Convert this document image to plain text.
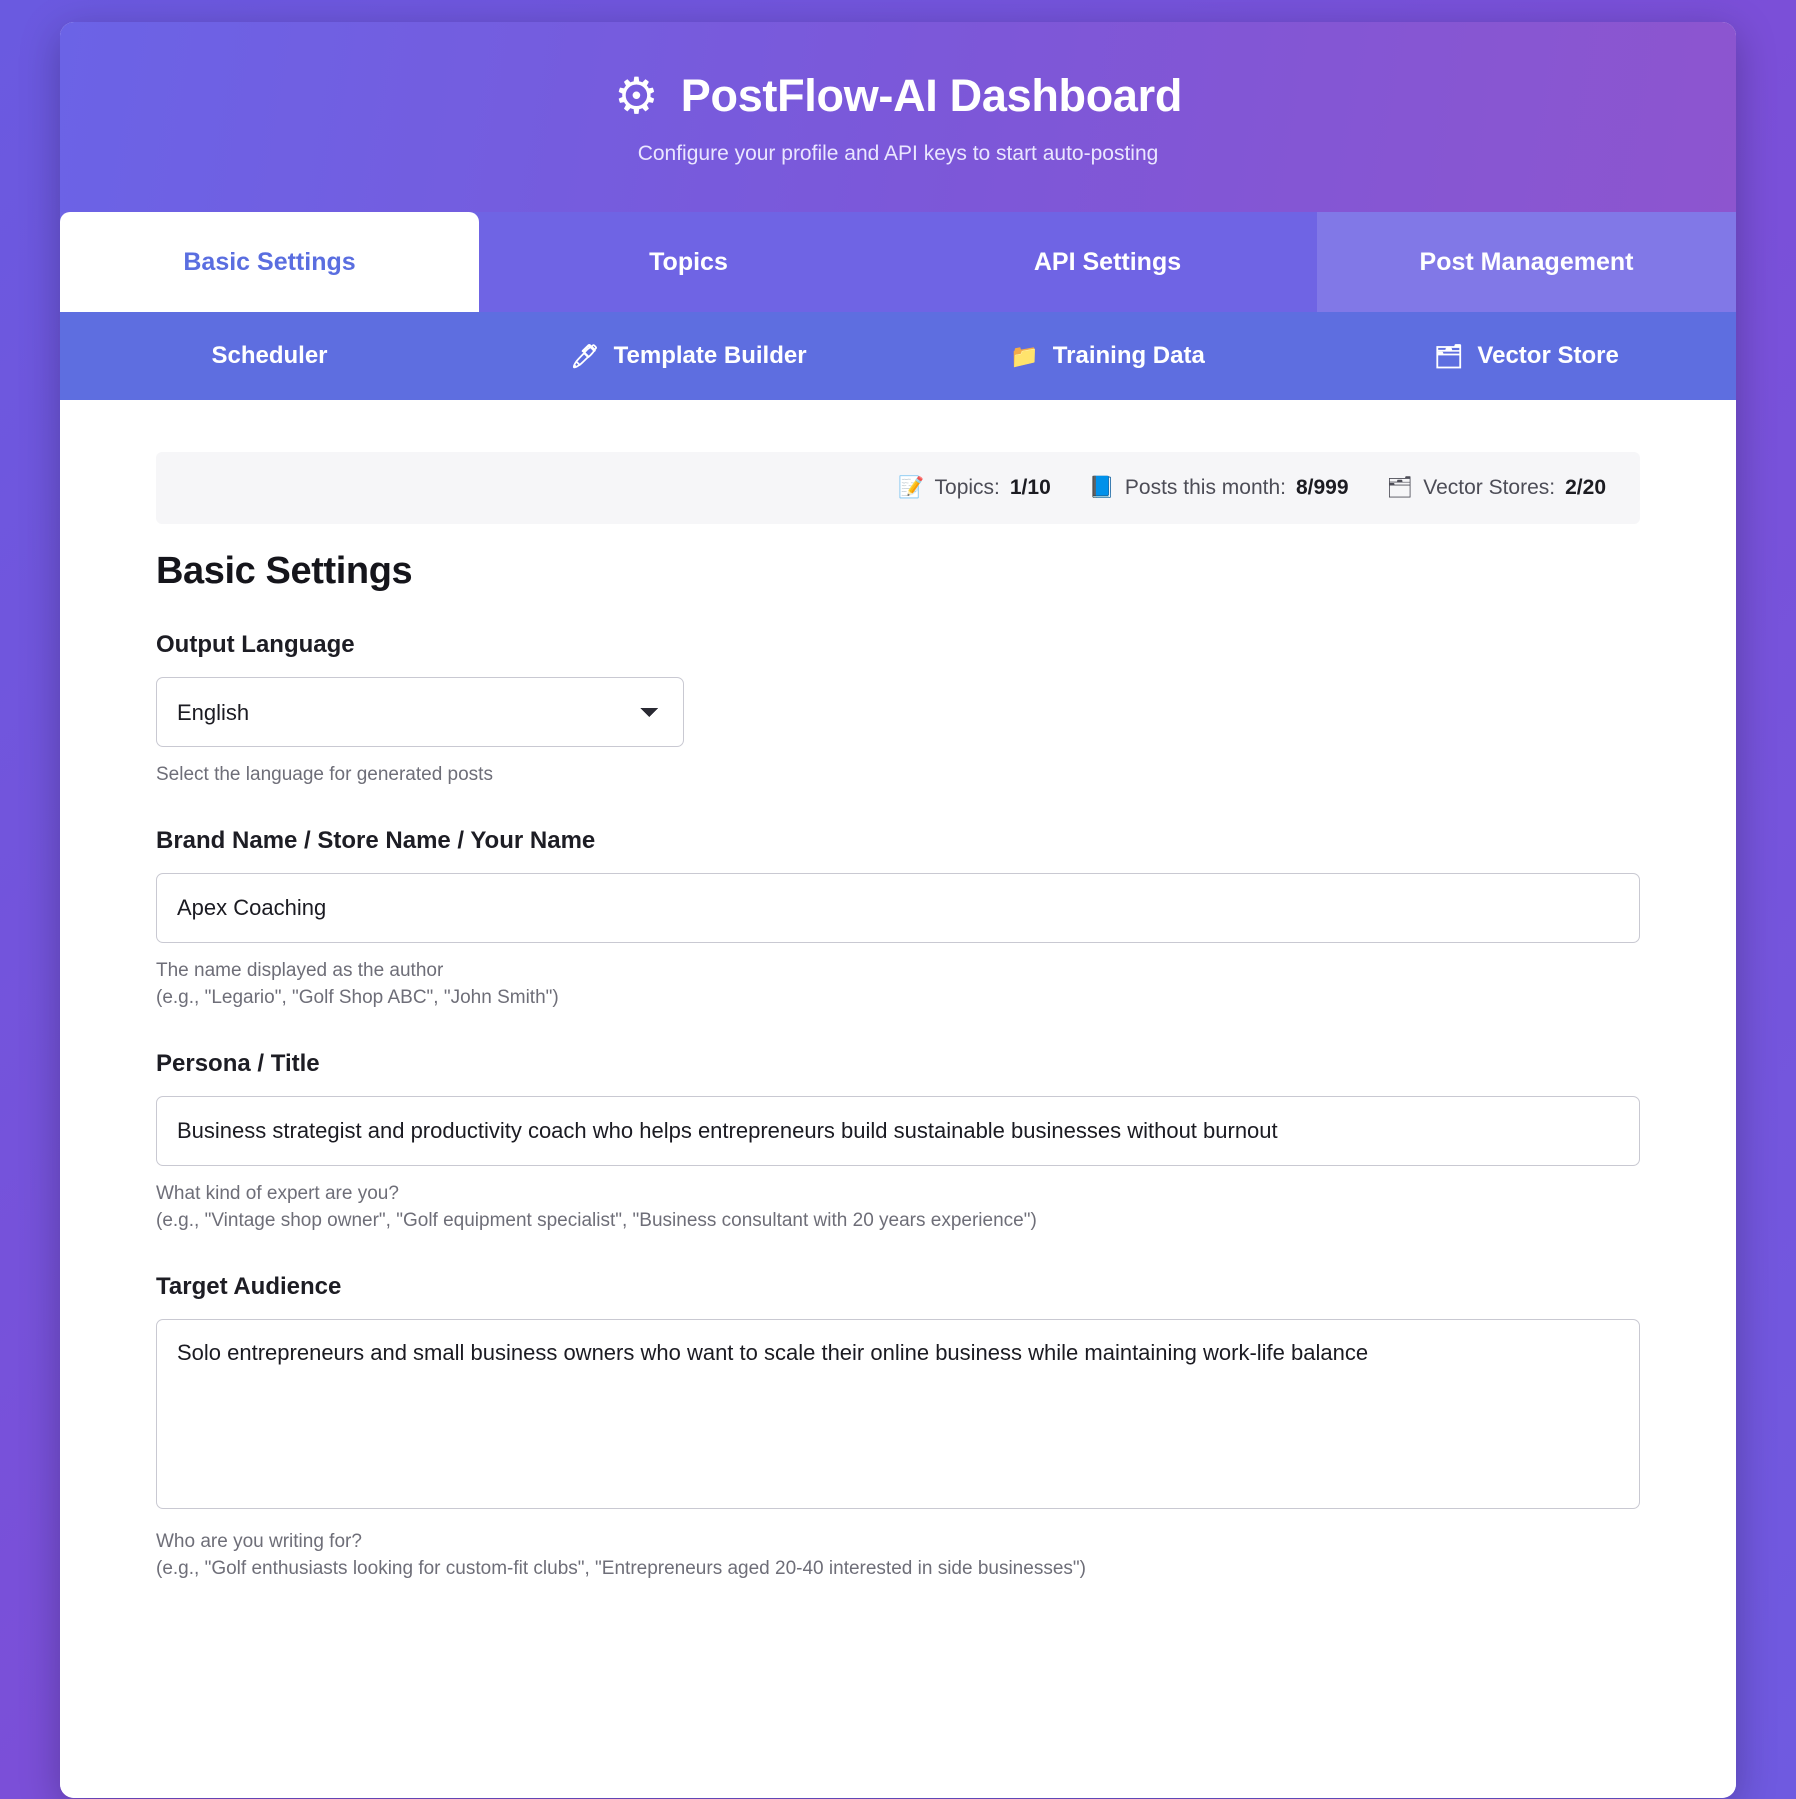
⚙ PostFlow-AI Dashboard
Configure your profile and API keys to start auto-posting
Basic Settings	Topics	API Settings	Post Management
Scheduler	🖊 Template Builder	📁 Training Data	🗂 Vector Store
📝 Topics: 1/10 📘 Posts this month: 8/999 🗂 Vector Stores: 2/20
Basic Settings
Output Language
English
Select the language for generated posts
Brand Name / Store Name / Your Name
Apex Coaching
The name displayed as the author
(e.g., "Legario", "Golf Shop ABC", "John Smith")
Persona / Title
Business strategist and productivity coach who helps entrepreneurs build sustainable businesses without burnout
What kind of expert are you?
(e.g., "Vintage shop owner", "Golf equipment specialist", "Business consultant with 20 years experience")
Target Audience
Solo entrepreneurs and small business owners who want to scale their online business while maintaining work-life balance
Who are you writing for?
(e.g., "Golf enthusiasts looking for custom-fit clubs", "Entrepreneurs aged 20-40 interested in side businesses")
